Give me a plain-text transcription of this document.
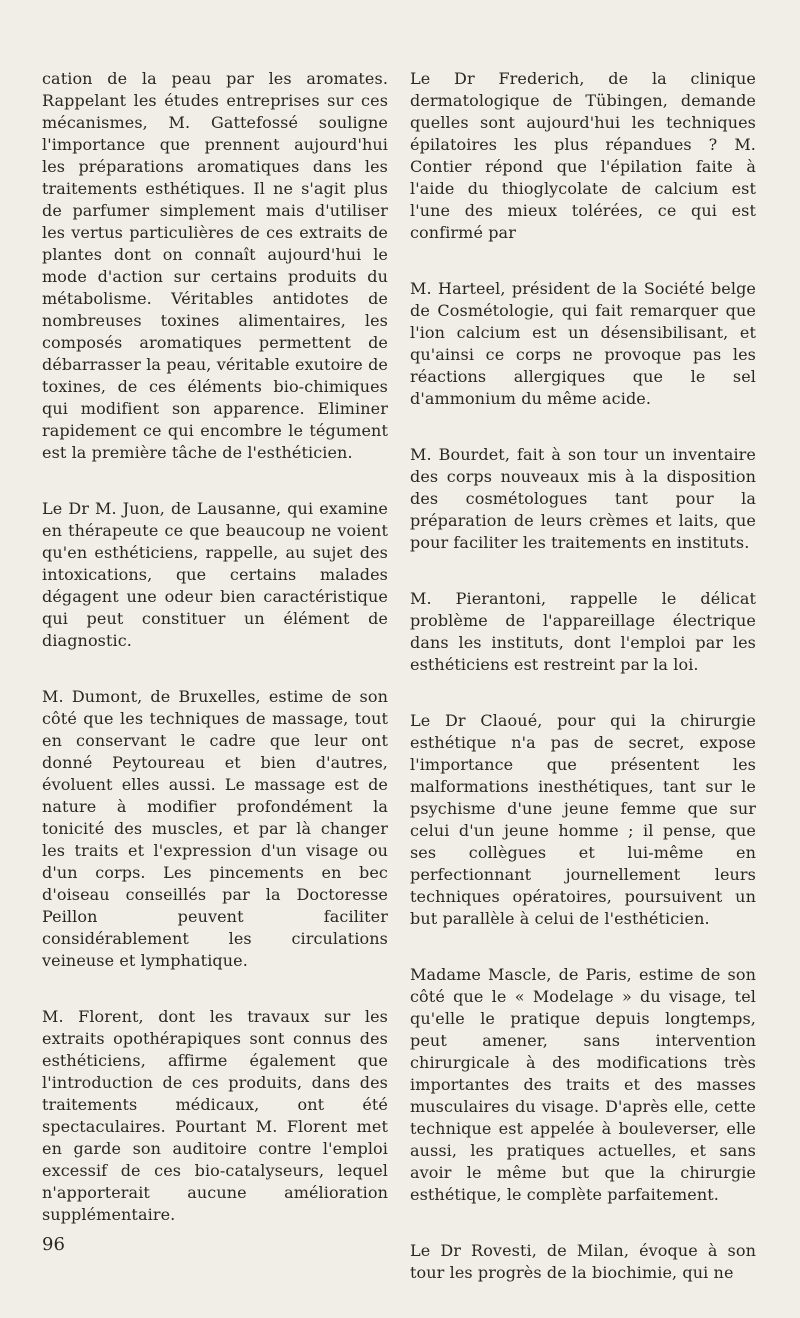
cation de la peau par les aromates. Rappelant les études entreprises sur ces mécanismes, M. Gattefossé souligne l'importance que prennent aujourd'hui les préparations aromatiques dans les traitements esthétiques. Il ne s'agit plus de parfumer simplement mais d'utiliser les vertus particulières de ces extraits de plantes dont on connaît aujourd'hui le mode d'action sur certains produits du métabolisme. Véritables antidotes de nombreuses toxines alimentaires, les composés aromatiques permettent de débarrasser la peau, véritable exutoire de toxines, de ces éléments bio-chimiques qui modifient son apparence. Eliminer rapidement ce qui encombre le tégument est la première tâche de l'esthéticien.

Le Dr M. Juon, de Lausanne, qui examine en thérapeute ce que beaucoup ne voient qu'en esthéticiens, rappelle, au sujet des intoxications, que certains malades dégagent une odeur bien caractéristique qui peut constituer un élément de diagnostic.

M. Dumont, de Bruxelles, estime de son côté que les techniques de massage, tout en conservant le cadre que leur ont donné Peytoureau et bien d'autres, évoluent elles aussi. Le massage est de nature à modifier profondément la tonicité des muscles, et par là changer les traits et l'expression d'un visage ou d'un corps. Les pincements en bec d'oiseau conseillés par la Doctoresse Peillon peuvent faciliter considérablement les circulations veineuse et lymphatique.

M. Florent, dont les travaux sur les extraits opothérapiques sont connus des esthéticiens, affirme également que l'introduction de ces produits, dans des traitements médicaux, ont été spectaculaires. Pourtant M. Florent met en garde son auditoire contre l'emploi excessif de ces bio-catalyseurs, lequel n'apporterait aucune amélioration supplémentaire.

Le Dr Frederich, de la clinique dermatologique de Tübingen, demande quelles sont aujourd'hui les techniques épilatoires les plus répandues ? M. Contier répond que l'épilation faite à l'aide du thioglycolate de calcium est l'une des mieux tolérées, ce qui est confirmé par

M. Harteel, président de la Société belge de Cosmétologie, qui fait remarquer que l'ion calcium est un désensibilisant, et qu'ainsi ce corps ne provoque pas les réactions allergiques que le sel d'ammonium du même acide.

M. Bourdet, fait à son tour un inventaire des corps nouveaux mis à la disposition des cosmétologues tant pour la préparation de leurs crèmes et laits, que pour faciliter les traitements en instituts.

M. Pierantoni, rappelle le délicat problème de l'appareillage électrique dans les instituts, dont l'emploi par les esthéticiens est restreint par la loi.

Le Dr Claoué, pour qui la chirurgie esthétique n'a pas de secret, expose l'importance que présentent les malformations inesthétiques, tant sur le psychisme d'une jeune femme que sur celui d'un jeune homme ; il pense, que ses collègues et lui-même en perfectionnant journellement leurs techniques opératoires, poursuivent un but parallèle à celui de l'esthéticien.

Madame Mascle, de Paris, estime de son côté que le « Modelage » du visage, tel qu'elle le pratique depuis longtemps, peut amener, sans intervention chirurgicale à des modifications très importantes des traits et des masses musculaires du visage. D'après elle, cette technique est appelée à bouleverser, elle aussi, les pratiques actuelles, et sans avoir le même but que la chirurgie esthétique, le complète parfaitement.

Le Dr Rovesti, de Milan, évoque à son tour les progrès de la biochimie, qui ne

96
